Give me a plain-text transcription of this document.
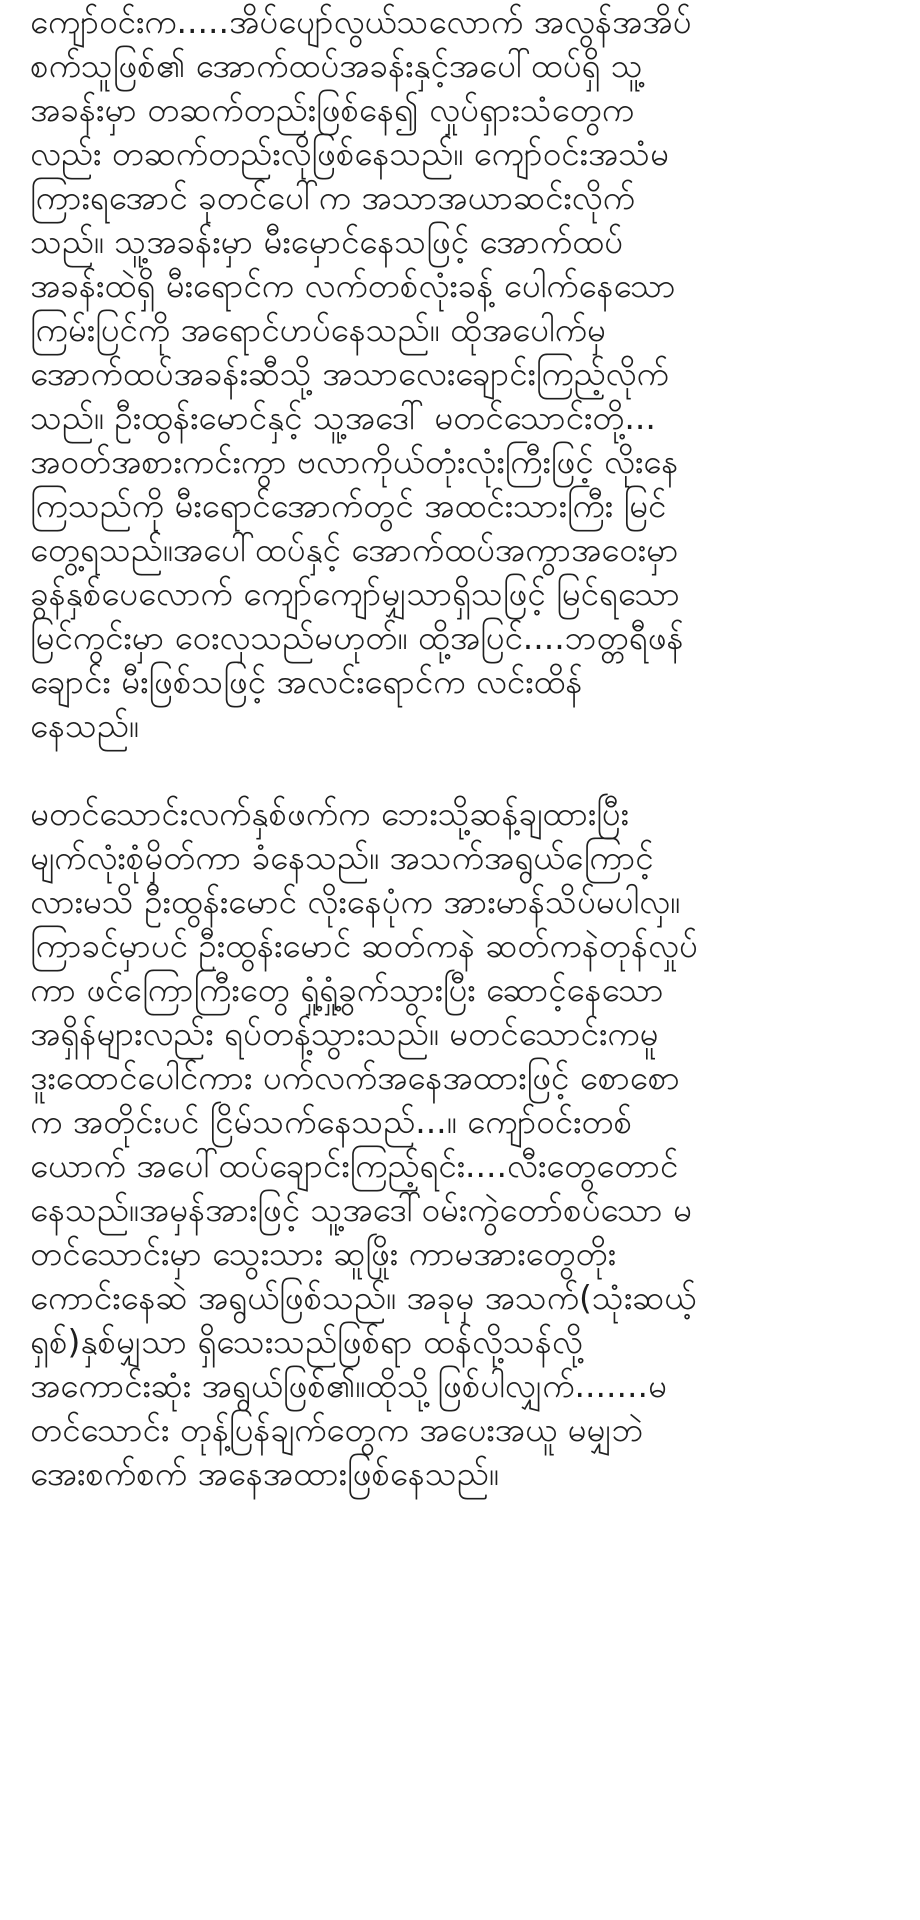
ကျော်ဝင်းက.....အိပ်ပျော်လွယ်သလောက် အလွန်အအိပ်
စက်သူဖြစ်၏ အောက်ထပ်အခန်းနှင့်အပေါ်ထပ်ရှိ သူ့
အခန်းမှာ တဆက်တည်းဖြစ်နေ၍ လှုပ်ရှားသံတွေက
လည်း တဆက်တည်းလိုဖြစ်နေသည်။ ကျော်ဝင်းအသံမ
ကြားရအောင် ခုတင်ပေါ်က အသာအယာဆင်းလိုက်
သည်။ သူ့အခန်းမှာ မီးမှောင်နေသဖြင့် အောက်ထပ်
အခန်းထဲရှိ မီးရောင်က လက်တစ်လုံးခန့် ပေါက်နေသော
ကြမ်းပြင်ကို အရောင်ဟပ်နေသည်။ ထိုအပေါက်မှ
အောက်ထပ်အခန်းဆီသို့ အသာလေးချောင်းကြည့်လိုက်
သည်။ ဦးထွန်းမောင်နှင့် သူ့အဒေါ် မတင်သောင်းတို့...
အဝတ်အစားကင်းကွာ ဗလာကိုယ်တုံးလုံးကြီးဖြင့် လိုးနေ
ကြသည်ကို မီးရောင်အောက်တွင် အထင်းသားကြီး မြင်
တွေ့ရသည်။အပေါ်ထပ်နှင့် အောက်ထပ်အကွာအဝေးမှာ
ခွန်နှစ်ပေလောက် ကျော်ကျော်မျှသာရှိသဖြင့် မြင်ရသော
မြင်ကွင်းမှာ ဝေးလှသည်မဟုတ်။ ထို့အပြင်....ဘတ္တရီဖန်
ချောင်း မီးဖြစ်သဖြင့် အလင်းရောင်က လင်းထိန်
နေသည်။
မတင်သောင်းလက်နှစ်ဖက်က ဘေးသို့ဆန့်ချထားပြီး
မျက်လုံးစုံမှိတ်ကာ ခံနေသည်။ အသက်အရွယ်ကြောင့်
လားမသိ ဦးထွန်းမောင် လိုးနေပုံက အားမာန်သိပ်မပါလှ။
ကြာခင်မှာပင် ဦးထွန်းမောင် ဆတ်ကနဲ ဆတ်ကနဲတုန်လှုပ်
ကာ ဖင်ကြောကြီးတွေ ရှုံ့ရှုံ့ခွက်သွားပြီး ဆောင့်နေသော
အရှိန်များလည်း ရပ်တန့်သွားသည်။ မတင်သောင်းကမူ
ဒူးထောင်ပေါင်ကား ပက်လက်အနေအထားဖြင့် စောစော
က အတိုင်းပင် ငြိမ်သက်နေသည်...။ ကျော်ဝင်းတစ်
ယောက် အပေါ်ထပ်ချောင်းကြည့်ရင်း....လီးတွေတောင်
နေသည်။အမှန်အားဖြင့် သူ့အဒေါ်ဝမ်းကွဲတော်စပ်သော မ
တင်သောင်းမှာ သွေးသား ဆူဖြိုး ကာမအားတွေတိုး
ကောင်းနေဆဲ အရွယ်ဖြစ်သည်။ အခုမှ အသက်(သုံးဆယ့်
ရှစ်)နှစ်မျှသာ ရှိသေးသည်ဖြစ်ရာ ထန်လို့သန်လို့
အကောင်းဆုံး အရွယ်ဖြစ်၏။ထိုသို့ဖြစ်ပါလျှက်.......မ
တင်သောင်း တုန့်ပြန်ချက်တွေက အပေးအယူ မမျှဘဲ
အေးစက်စက် အနေအထားဖြစ်နေသည်။
